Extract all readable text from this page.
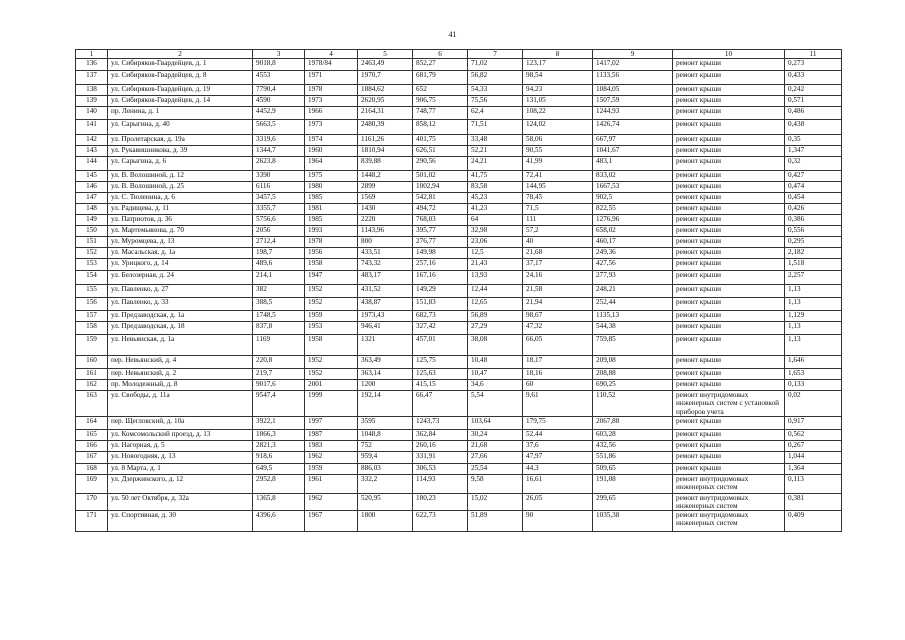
41
1	2	3	4	5	6	7	8	9	10	11
136	ул. Сибиряков-Гвардейцев, д. 1	9018,8	1978/84	2463,49	852,27	71,02	123,17	1417,02	ремонт крыши	0,273
137	ул. Сибиряков-Гвардейцев, д. 8	4553	1971	1970,7	681,79	56,82	98,54	1133,56	ремонт крыши	0,433
138	ул. Сибиряков-Гвардейцев, д. 19	7790,4	1978	1884,62	652	54,33	94,23	1084,05	ремонт крыши	0,242
139	ул. Сибиряков-Гвардейцев, д. 14	4590	1973	2620,95	906,75	75,56	131,05	1507,59	ремонт крыши	0,571
140	пр. Ленина, д. 1	4452,9	1966	2164,31	748,77	62,4	108,22	1244,93	ремонт крыши	0,486
141	ул. Сарыгина, д. 40	5663,5	1973	2480,39	858,12	71,51	124,02	1426,74	ремонт крыши	0,438
142	ул. Пролетарская, д. 19а	3319,6	1974	1161,26	401,75	33,48	58,06	667,97	ремонт крыши	0,35
143	ул. Рукавишникова, д. 39	1344,7	1960	1810,94	626,51	52,21	90,55	1041,67	ремонт крыши	1,347
144	ул. Сарыгина, д. 6	2623,8	1964	839,88	290,56	24,21	41,99	483,1	ремонт крыши	0,32
145	ул. В. Волошиной, д. 12	3390	1975	1448,2	501,02	41,75	72,41	833,02	ремонт крыши	0,427
146	ул. В. Волошиной, д. 25	6116	1980	2899	1002,94	83,58	144,95	1667,53	ремонт крыши	0,474
147	ул. С. Тюленина, д. 6	3457,5	1985	1569	542,81	45,23	78,45	902,5	ремонт крыши	0,454
148	ул. Радищева, д. 11	3355,7	1981	1430	494,72	41,23	71,5	822,55	ремонт крыши	0,426
149	ул. Патриотов, д. 36	5756,6	1985	2220	768,03	64	111	1276,96	ремонт крыши	0,386
150	ул. Мартемьянова, д. 70	2056	1993	1143,96	395,77	32,98	57,2	658,02	ремонт крыши	0,556
151	ул. Муромцева, д. 13	2712,4	1978	800	276,77	23,06	40	460,17	ремонт крыши	0,295
152	ул. Масальская, д. 1а	198,7	1956	433,51	149,98	12,5	21,68	249,36	ремонт крыши	2,182
153	ул. Урицкого, д. 14	489,6	1958	743,32	257,16	21,43	37,17	427,56	ремонт крыши	1,518
154	ул. Белозерная, д. 24	214,1	1947	483,17	167,16	13,93	24,16	277,93	ремонт крыши	2,257
155	ул. Павленко, д. 27	382	1952	431,52	149,29	12,44	21,58	248,21	ремонт крыши	1,13
156	ул. Павленко, д. 33	388,5	1952	438,87	151,83	12,65	21,94	252,44	ремонт крыши	1,13
157	ул. Предзаводская, д. 1а	1748,5	1959	1973,43	682,73	56,89	98,67	1135,13	ремонт крыши	1,129
158	ул. Предзаводская, д. 18	837,8	1953	946,41	327,42	27,29	47,32	544,38	ремонт крыши	1,13
159	ул. Невьянская, д. 1а	1169	1958	1321	457,01	38,08	66,05	759,85	ремонт крыши	1,13
160	пер. Невьянский, д. 4	220,8	1952	363,49	125,75	10,48	18,17	209,08	ремонт крыши	1,646
161	пер. Невьянский, д. 2	219,7	1952	363,14	125,63	10,47	18,16	208,88	ремонт крыши	1,653
162	пр. Молодежный, д. 8	9017,6	2001	1200	415,15	34,6	60	690,25	ремонт крыши	0,133
163	ул. Свободы, д. 11а	9547,4	1999	192,14	66,47	5,54	9,61	110,52	ремонт внутридомовых инженерных систем с установкой приборов учета	0,02
164	пер. Щегловский, д. 10а	3922,1	1997	3595	1243,73	103,64	179,75	2067,88	ремонт крыши	0,917
165	ул. Комсомольский проезд, д. 13	1866,3	1987	1048,8	362,84	30,24	52,44	603,28	ремонт крыши	0,562
166	ул. Нагорная, д. 5	2821,3	1983	752	260,16	21,68	37,6	432,56	ремонт крыши	0,267
167	ул. Новогодняя, д. 13	918,6	1962	959,4	331,91	27,66	47,97	551,86	ремонт крыши	1,044
168	ул. 8 Марта, д. 1	649,5	1959	886,03	306,53	25,54	44,3	509,65	ремонт крыши	1,364
169	ул. Дзержинского, д. 12	2952,8	1961	332,2	114,93	9,58	16,61	191,08	ремонт внутридомовых инженерных систем	0,113
170	ул. 50 лет Октября, д. 32а	1365,8	1962	520,95	180,23	15,02	26,05	299,65	ремонт внутридомовых инженерных систем	0,381
171	ул. Спортивная, д. 30	4396,6	1967	1800	622,73	51,89	90	1035,38	ремонт внутридомовых инженерных систем	0,409
